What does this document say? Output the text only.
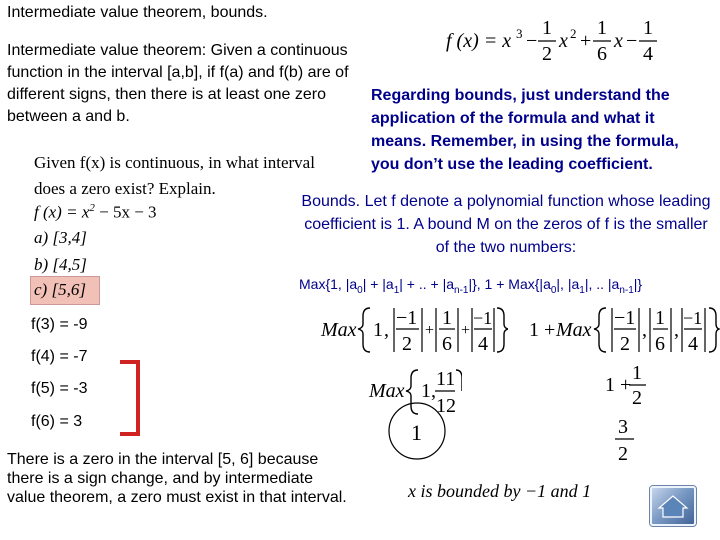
Intermediate value theorem, bounds.
Intermediate value theorem: Given a continuous function in the interval [a,b], if f(a) and f(b) are of different signs, then there is at least one zero between a and b.
f (x) = x 3 −
1
2
x 2 +
1
6
x −
1
4
Regarding bounds, just understand the application of the formula and what it means. Remember, in using the formula, you don’t use the leading coefficient.
Given f(x) is continuous, in what interval
does a zero exist? Explain.
f $(x) = x^2 - 5x - 3$
a) [3,4]
b) [4,5]
c) [5,6]
Bounds. Let f denote a polynomial function whose leading coefficient is 1. A bound M on the zeros of f is the smaller of the two numbers:
Max{1, $|a_0| + |a_1|$ + .. + $|a_{n-1}|$}, $1 + Max\{|a_0|$, $|a_1|$, .. $|a_{n-1}|$}
f(3) = -9
f(4) = -7
f(5) = -3
f(6) = 3
There is a zero in the interval [5, 6] because there is a sign change, and by intermediate value theorem, a zero must exist in that interval.
Max 1 ,
−1
2
+
1
6
+
−1
4
1 + Max
−1
2
,
1
6
,
−1
4
Max 1 ,
11
12
1 +
1
2
1	3
2
x is bounded by −1 and 1
